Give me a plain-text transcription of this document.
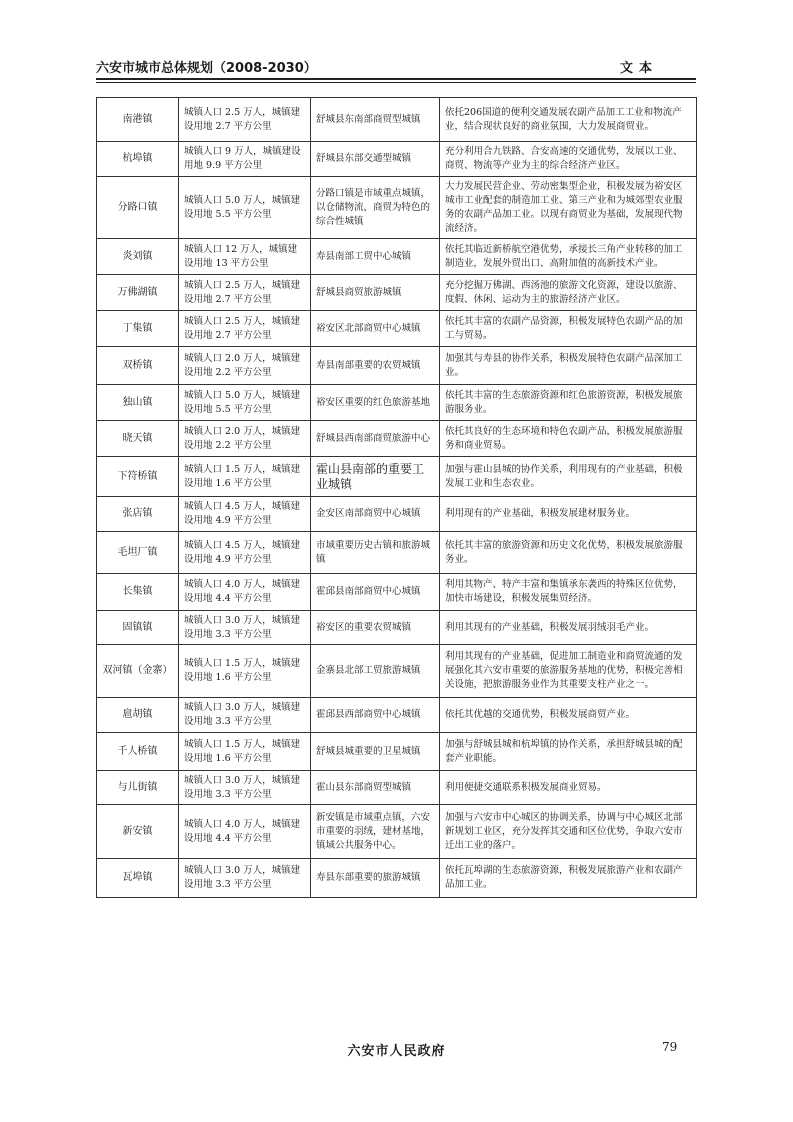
六安市城市总体规划（2008-2030）	文本
南港镇	城镇人口 2.5 万人，城镇建设用地 2.7 平方公里	舒城县东南部商贸型城镇	依托206国道的便利交通发展农副产品加工工业和物流产业，结合现状良好的商业氛围，大力发展商贸业。
杭埠镇	城镇人口 9 万人，城镇建设用地 9.9 平方公里	舒城县东部交通型城镇	充分利用合九铁路、合安高速的交通优势，发展以工业、商贸、物流等产业为主的综合经济产业区。
分路口镇	城镇人口 5.0 万人，城镇建设用地 5.5 平方公里	分路口镇是市域重点城镇，以仓储物流，商贸为特色的综合性城镇	大力发展民营企业、劳动密集型企业，积极发展为裕安区城市工业配套的制造加工业、第三产业和为城郊型农业服务的农副产品加工业。以现有商贸业为基础，发展现代物流经济。
炎刘镇	城镇人口 12 万人，城镇建设用地 13 平方公里	寿县南部工贸中心城镇	依托其临近新桥航空港优势，承接长三角产业转移的加工制造业，发展外贸出口、高附加值的高新技术产业。
万佛湖镇	城镇人口 2.5 万人，城镇建设用地 2.7 平方公里	舒城县商贸旅游城镇	充分挖掘万佛湖、西汤池的旅游文化资源，建设以旅游、度假、休闲、运动为主的旅游经济产业区。
丁集镇	城镇人口 2.5 万人，城镇建设用地 2.7 平方公里	裕安区北部商贸中心城镇	依托其丰富的农副产品资源，积极发展特色农副产品的加工与贸易。
双桥镇	城镇人口 2.0 万人，城镇建设用地 2.2 平方公里	寿县南部重要的农贸城镇	加强其与寿县的协作关系，积极发展特色农副产品深加工业。
独山镇	城镇人口 5.0 万人，城镇建设用地 5.5 平方公里	裕安区重要的红色旅游基地	依托其丰富的生态旅游资源和红色旅游资源，积极发展旅游服务业。
晓天镇	城镇人口 2.0 万人，城镇建设用地 2.2 平方公里	舒城县西南部商贸旅游中心	依托其良好的生态环境和特色农副产品，积极发展旅游服务和商业贸易。
下符桥镇	城镇人口 1.5 万人，城镇建设用地 1.6 平方公里	霍山县南部的重要工业城镇	加强与霍山县城的协作关系，利用现有的产业基础，积极发展工业和生态农业。
张店镇	城镇人口 4.5 万人，城镇建设用地 4.9 平方公里	金安区南部商贸中心城镇	利用现有的产业基础，积极发展建材服务业。
毛坦厂镇	城镇人口 4.5 万人，城镇建设用地 4.9 平方公里	市域重要历史古镇和旅游城镇	依托其丰富的旅游资源和历史文化优势，积极发展旅游服务业。
长集镇	城镇人口 4.0 万人，城镇建设用地 4.4 平方公里	霍邱县南部商贸中心城镇	利用其物产、特产丰富和集镇承东袭西的特殊区位优势，加快市场建设，积极发展集贸经济。
固镇镇	城镇人口 3.0 万人，城镇建设用地 3.3 平方公里	裕安区的重要农贸城镇	利用其现有的产业基础，积极发展羽绒羽毛产业。
双河镇（金寨）	城镇人口 1.5 万人，城镇建设用地 1.6 平方公里	金寨县北部工贸旅游城镇	利用其现有的产业基础，促进加工制造业和商贸流通的发展强化其六安市重要的旅游服务基地的优势，积极完善相关设施，把旅游服务业作为其重要支柱产业之一。
扈胡镇	城镇人口 3.0 万人，城镇建设用地 3.3 平方公里	霍邱县西部商贸中心城镇	依托其优越的交通优势，积极发展商贸产业。
千人桥镇	城镇人口 1.5 万人，城镇建设用地 1.6 平方公里	舒城县城重要的卫星城镇	加强与舒城县城和杭埠镇的协作关系，承担舒城县城的配套产业职能。
与儿街镇	城镇人口 3.0 万人，城镇建设用地 3.3 平方公里	霍山县东部商贸型城镇	利用便捷交通联系积极发展商业贸易。
新安镇	城镇人口 4.0 万人，城镇建设用地 4.4 平方公里	新安镇是市域重点镇，六安市重要的羽绒，建材基地，镇域公共服务中心。	加强与六安市中心城区的协调关系，协调与中心城区北部新规划工业区，充分发挥其交通和区位优势，争取六安市迁出工业的落户。
瓦埠镇	城镇人口 3.0 万人，城镇建设用地 3.3 平方公里	寿县东部重要的旅游城镇	依托瓦埠湖的生态旅游资源，积极发展旅游产业和农副产品加工业。
六安市人民政府	79
